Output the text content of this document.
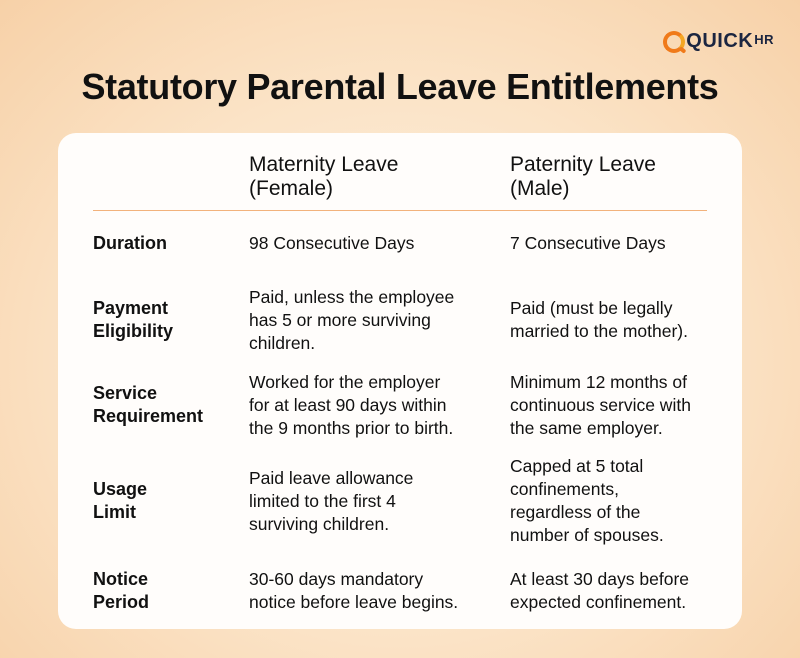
$QUICK^{HR}$
Statutory Parental Leave Entitlements
Maternity Leave
(Female)
Paternity Leave
(Male)
Duration	98 Consecutive Days	7 Consecutive Days
Payment
Eligibility
Paid, unless the employee
has 5 or more surviving
children.
Paid (must be legally
married to the mother).
Service
Requirement
Worked for the employer
for at least 90 days within
the 9 months prior to birth.
Minimum 12 months of
continuous service with
the same employer.
Usage
Limit
Paid leave allowance
limited to the first 4
surviving children.
Capped at 5 total
confinements,
regardless of the
number of spouses.
Notice
Period
30-60 days mandatory
notice before leave begins.
At least 30 days before
expected confinement.
